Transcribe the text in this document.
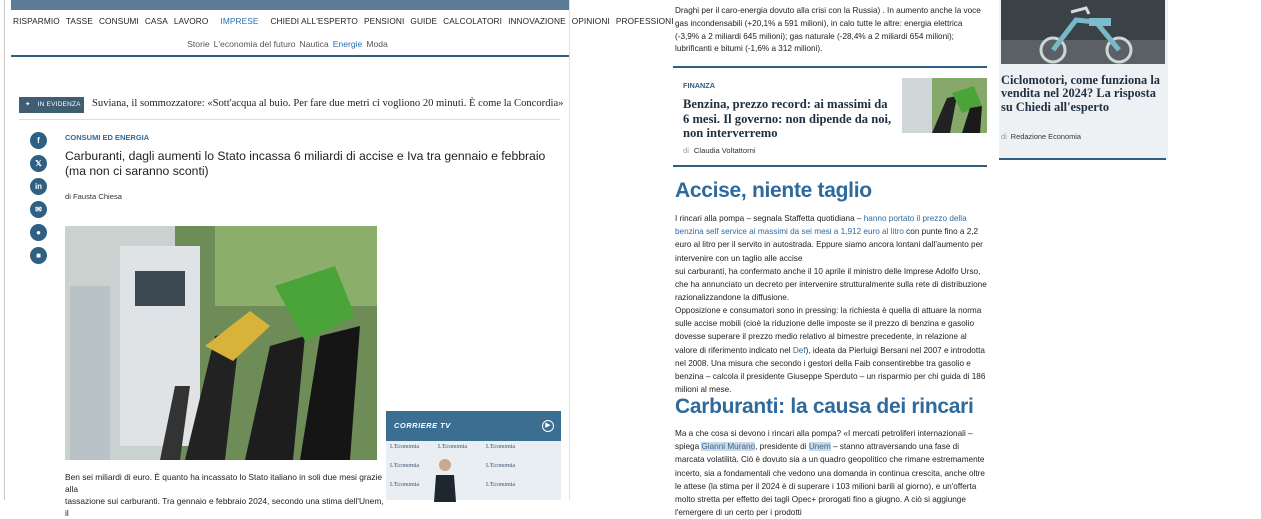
RISPARMIO TASSE CONSUMI CASA LAVORO IMPRESE CHIEDI ALL'ESPERTO PENSIONI GUIDE CALCOLATORI INNOVAZIONE OPINIONI PROFESSIONI
Storie L'economia del futuro Nautica Energie Moda
✦ IN EVIDENZA	Suviana, il sommozzatore: «Sott'acqua al buio. Per fare due metri ci vogliono 20 minuti. È come la Concordia»
f
𝕏
in
✉
●
■
CONSUMI ED ENERGIA
Carburanti, dagli aumenti lo Stato incassa 6 miliardi di accise e Iva tra gennaio e febbraio (ma non ci saranno sconti)
di Fausta Chiesa
CORRIERE TV	▶
L'Economia	L'Economia	L'Economia
L'Economia	L'Economia
L'Economia	L'Economia
Ben sei miliardi di euro. È quanto ha incassato lo Stato italiano in soli due mesi grazie alla
tassazione sui carburanti. Tra gennaio e febbraio 2024, secondo una stima dell'Unem, il
Draghi per il caro-energia dovuto alla crisi con la Russia) . In aumento anche la voce gas incondensabili (+20,1% a 591 milioni), in calo tutte le altre: energia elettrica (-3,9% a 2 miliardi 645 milioni); gas naturale (-28,4% a 2 miliardi 654 milioni); lubrificanti e bitumi (-1,6% a 312 milioni).
FINANZA
Benzina, prezzo record: ai massimi da 6 mesi. Il governo: non dipende da noi, non interverremo
di Claudia Voltattorni
Accise, niente taglio
I rincari alla pompa – segnala Staffetta quotidiana – hanno portato il prezzo della benzina self service ai massimi da sei mesi a 1,912 euro al litro con punte fino a 2,2 euro al litro per il servito in autostrada. Eppure siamo ancora lontani dall'aumento per intervenire con un taglio alle accise
sui carburanti, ha confermato anche il 10 aprile il ministro delle Imprese Adolfo Urso, che ha annunciato un decreto per intervenire strutturalmente sulla rete di distribuzione razionalizzandone la diffusione.
Opposizione e consumatori sono in pressing: la richiesta è quella di attuare la norma sulle accise mobili (cioè la riduzione delle imposte se il prezzo di benzina e gasolio dovesse superare il prezzo medio relativo al bimestre precedente, in relazione al valore di riferimento indicato nel Def), ideata da Pierluigi Bersani nel 2007 e introdotta nel 2008. Una misura che secondo i gestori della Faib consentirebbe tra gasolio e benzina – calcola il presidente Giuseppe Sperduto – un risparmio per chi guida di 186 milioni al mese.
Carburanti: la causa dei rincari
Ma a che cosa si devono i rincari alla pompa? «I mercati petroliferi internazionali – spiega Gianni Murano, presidente di Unem – stanno attraversando una fase di marcata volatilità. Ciò è dovuto sia a un quadro geopolitico che rimane estremamente incerto, sia a fondamentali che vedono una domanda in continua crescita, anche oltre le attese (la stima per il 2024 è di superare i 103 milioni barili al giorno), e un'offerta molto stretta per effetto dei tagli Opec+ prorogati fino a giugno. A ciò si aggiunge l'emergere di un certo per i prodotti
Ciclomotori, come funziona la vendita nel 2024? La risposta su Chiedi all'esperto
di Redazione Economia
